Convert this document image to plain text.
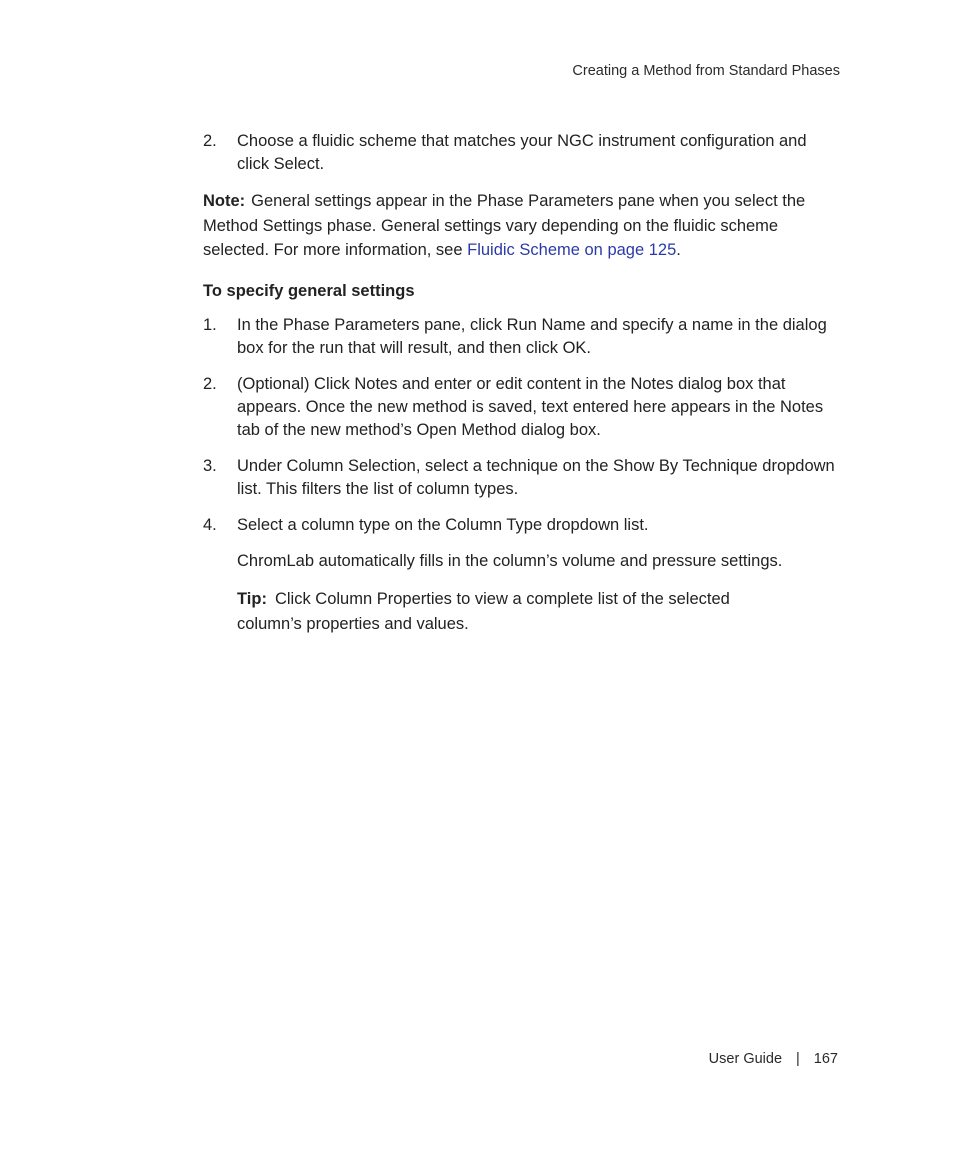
Creating a Method from Standard Phases
2.	Choose a fluidic scheme that matches your NGC instrument configuration and click Select.

Note: General settings appear in the Phase Parameters pane when you select the Method Settings phase. General settings vary depending on the fluidic scheme selected. For more information, see Fluidic Scheme on page 125.

To specify general settings
1.	In the Phase Parameters pane, click Run Name and specify a name in the dialog box for the run that will result, and then click OK.
2.	(Optional) Click Notes and enter or edit content in the Notes dialog box that appears. Once the new method is saved, text entered here appears in the Notes tab of the new method’s Open Method dialog box.
3.	Under Column Selection, select a technique on the Show By Technique dropdown list. This filters the list of column types.
4.	Select a column type on the Column Type dropdown list.

ChromLab automatically fills in the column’s volume and pressure settings.

Tip: Click Column Properties to view a complete list of the selected column’s properties and values.

User Guide | 167
